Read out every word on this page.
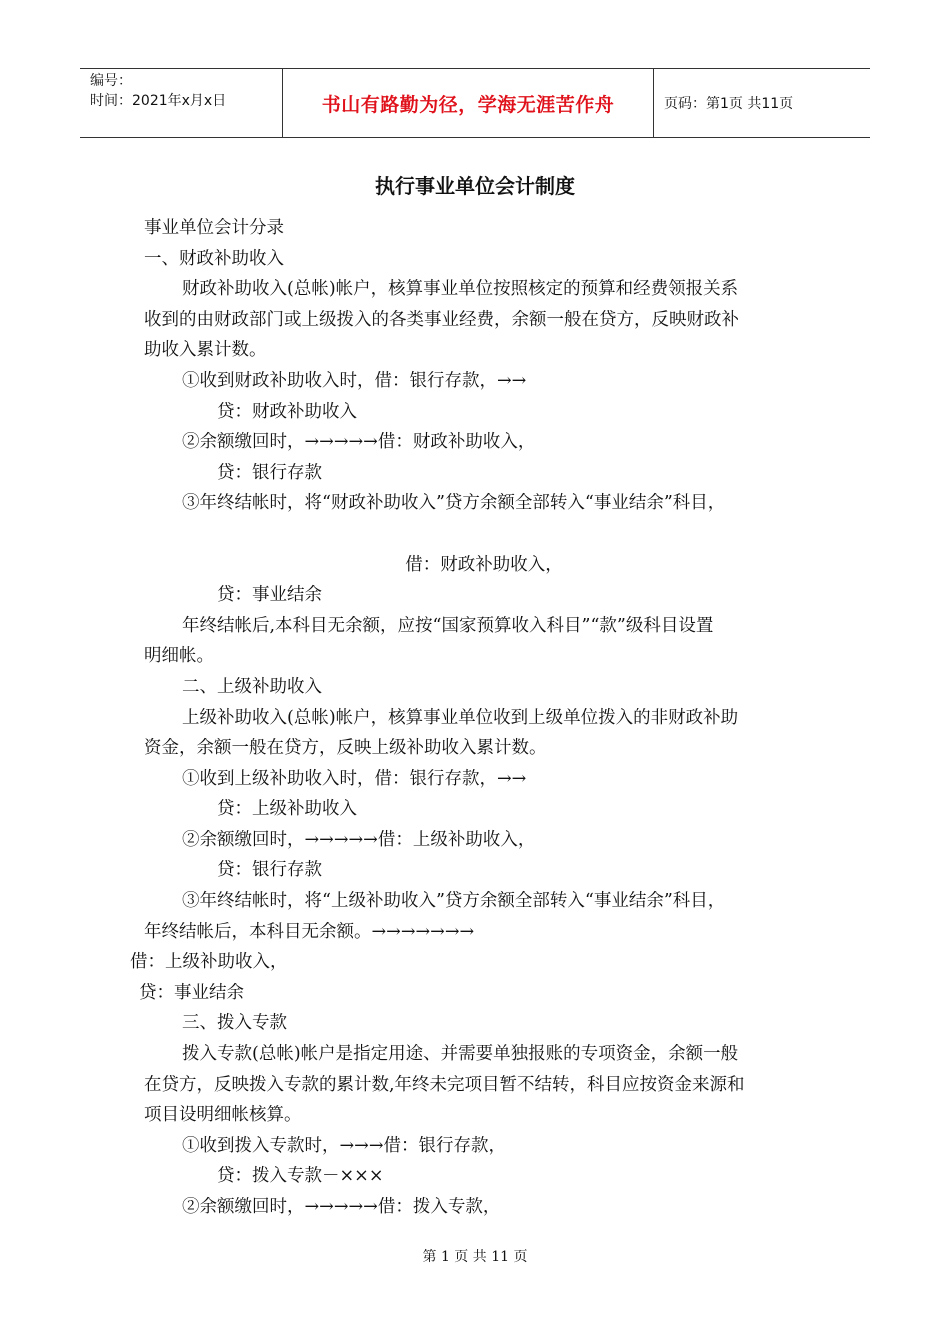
编号：
时间：2021年x月x日	书山有路勤为径，学海无涯苦作舟	页码：第1页 共11页
执行事业单位会计制度
事业单位会计分录
一、财政补助收入
财政补助收入(总帐)帐户，核算事业单位按照核定的预算和经费领报关系
收到的由财政部门或上级拨入的各类事业经费，余额一般在贷方，反映财政补
助收入累计数。
①收到财政补助收入时，借：银行存款，→→
贷：财政补助收入
②余额缴回时，→→→→→借：财政补助收入，
贷：银行存款
③年终结帐时，将“财政补助收入”贷方余额全部转入“事业结余”科目，
借：财政补助收入，
贷：事业结余
年终结帐后,本科目无余额，应按“国家预算收入科目”“款”级科目设置
明细帐。
二、上级补助收入
上级补助收入(总帐)帐户，核算事业单位收到上级单位拨入的非财政补助
资金，余额一般在贷方，反映上级补助收入累计数。
①收到上级补助收入时，借：银行存款，→→
贷：上级补助收入
②余额缴回时，→→→→→借：上级补助收入，
贷：银行存款
③年终结帐时，将“上级补助收入”贷方余额全部转入“事业结余”科目，
年终结帐后，本科目无余额。→→→→→→→
借：上级补助收入，
贷：事业结余
三、拨入专款
拨入专款(总帐)帐户是指定用途、并需要单独报账的专项资金，余额一般
在贷方，反映拨入专款的累计数,年终未完项目暂不结转，科目应按资金来源和
项目设明细帐核算。
①收到拨入专款时，→→→借：银行存款，
贷：拨入专款－×××
②余额缴回时，→→→→→借：拨入专款，
第 1 页 共 11 页
